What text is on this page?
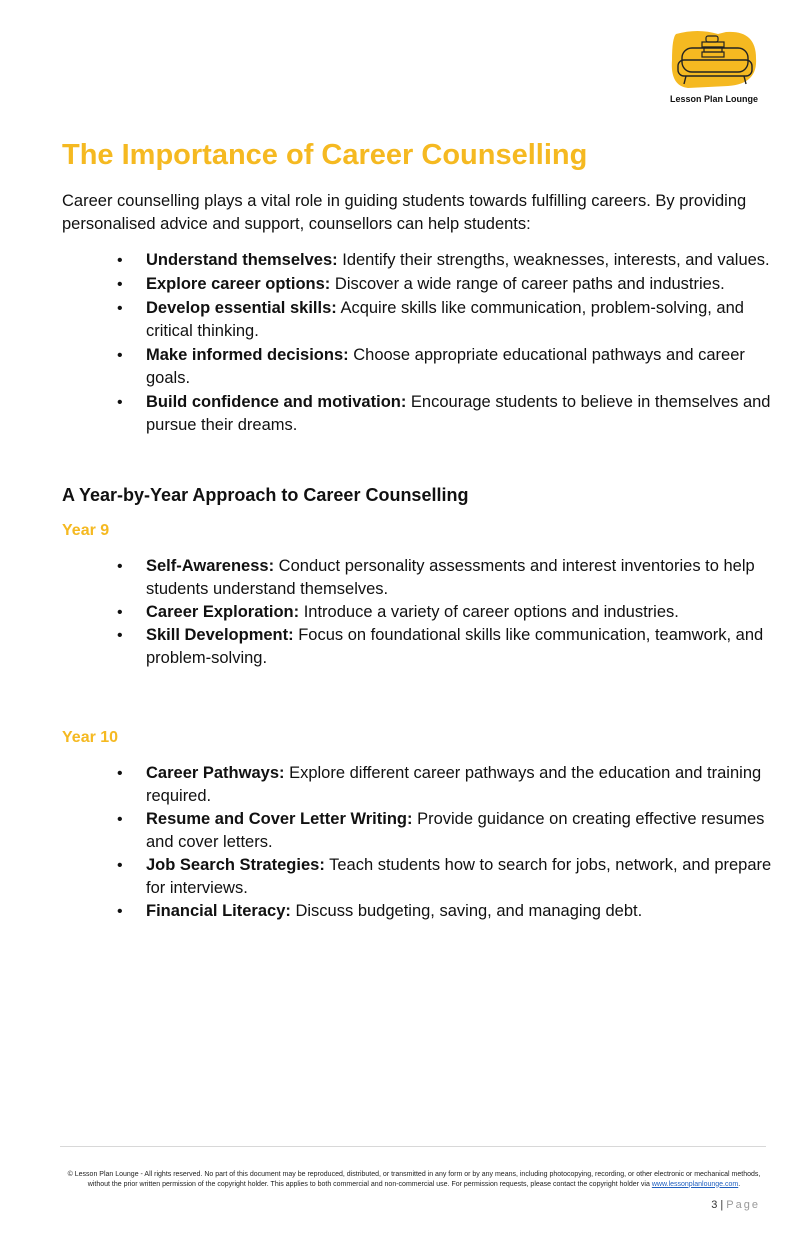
Lesson Plan Lounge
The Importance of Career Counselling

Career counselling plays a vital role in guiding students towards fulfilling careers. By providing personalised advice and support, counsellors can help students:

• Understand themselves: Identify their strengths, weaknesses, interests, and values.
• Explore career options: Discover a wide range of career paths and industries.
• Develop essential skills: Acquire skills like communication, problem-solving, and critical thinking.
• Make informed decisions: Choose appropriate educational pathways and career goals.
• Build confidence and motivation: Encourage students to believe in themselves and pursue their dreams.
A Year-by-Year Approach to Career Counselling
Year 9
• Self-Awareness: Conduct personality assessments and interest inventories to help students understand themselves.
• Career Exploration: Introduce a variety of career options and industries.
• Skill Development: Focus on foundational skills like communication, teamwork, and problem-solving.
Year 10
• Career Pathways: Explore different career pathways and the education and training required.
• Resume and Cover Letter Writing: Provide guidance on creating effective resumes and cover letters.
• Job Search Strategies: Teach students how to search for jobs, network, and prepare for interviews.
• Financial Literacy: Discuss budgeting, saving, and managing debt.
© Lesson Plan Lounge - All rights reserved. No part of this document may be reproduced, distributed, or transmitted in any form or by any means, including photocopying, recording, or other electronic or mechanical methods, without the prior written permission of the copyright holder. This applies to both commercial and non-commercial use. For permission requests, please contact the copyright holder via www.lessonplanlounge.com.
3 | Page
